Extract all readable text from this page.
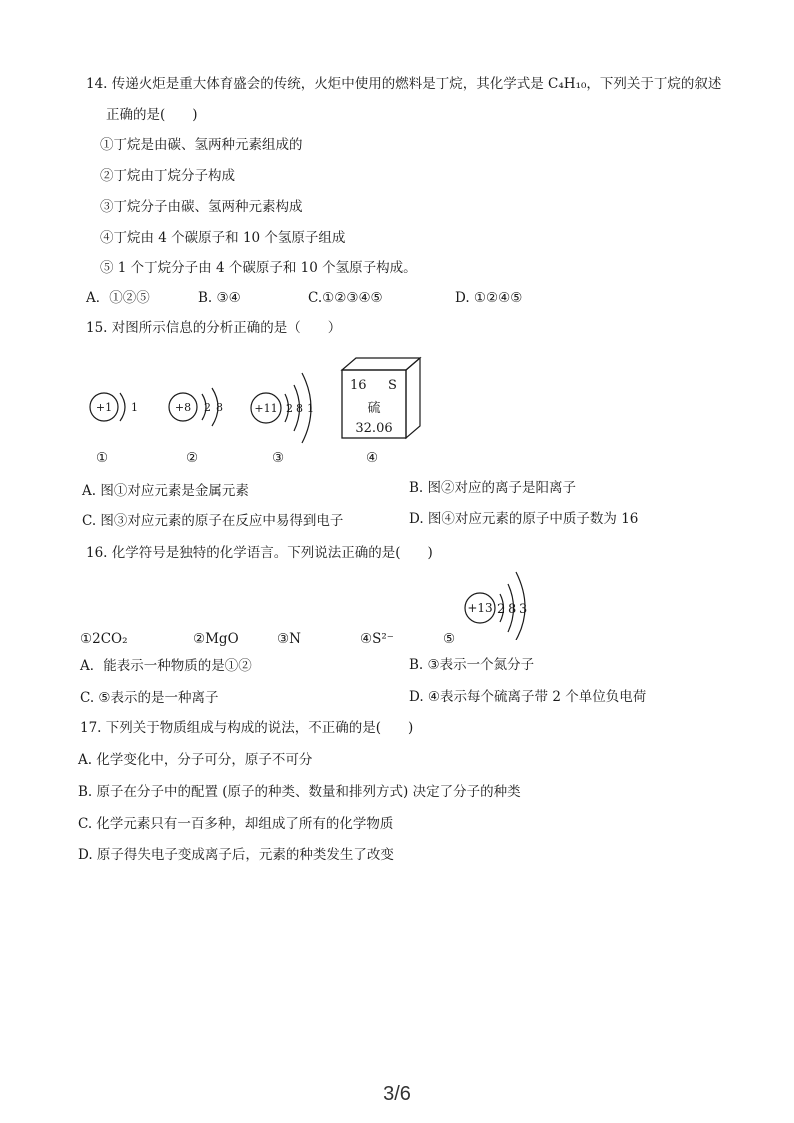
14. 传递火炬是重大体育盛会的传统，火炬中使用的燃料是丁烷，其化学式是 C₄H₁₀，下列关于丁烷的叙述
正确的是(　　)
①丁烷是由碳、氢两种元素组成的
②丁烷由丁烷分子构成
③丁烷分子由碳、氢两种元素构成
④丁烷由 4 个碳原子和 10 个氢原子组成
⑤ 1 个丁烷分子由 4 个碳原子和 10 个氢原子构成。
A．①②⑤	B. ③④	C.①②③④⑤	D. ①②④⑤
15. 对图所示信息的分析正确的是（　　）
+1 1
①
+8 2 8
②
+11 2 8 1
③
16 S
硫
32.06
④
A. 图①对应元素是金属元素	B. 图②对应的离子是阳离子
C. 图③对应元素的原子在反应中易得到电子	D. 图④对应元素的原子中质子数为 16
16. 化学符号是独特的化学语言。下列说法正确的是(　　)
+13 2 8 3
①2CO₂	②MgO	③N	④S²⁻	⑤
A．能表示一种物质的是①②	B. ③表示一个氮分子
C. ⑤表示的是一种离子	D. ④表示每个硫离子带 2 个单位负电荷
17. 下列关于物质组成与构成的说法，不正确的是(　　)
A. 化学变化中，分子可分，原子不可分
B. 原子在分子中的配置 (原子的种类、数量和排列方式) 决定了分子的种类
C. 化学元素只有一百多种，却组成了所有的化学物质
D. 原子得失电子变成离子后，元素的种类发生了改变
3/6
